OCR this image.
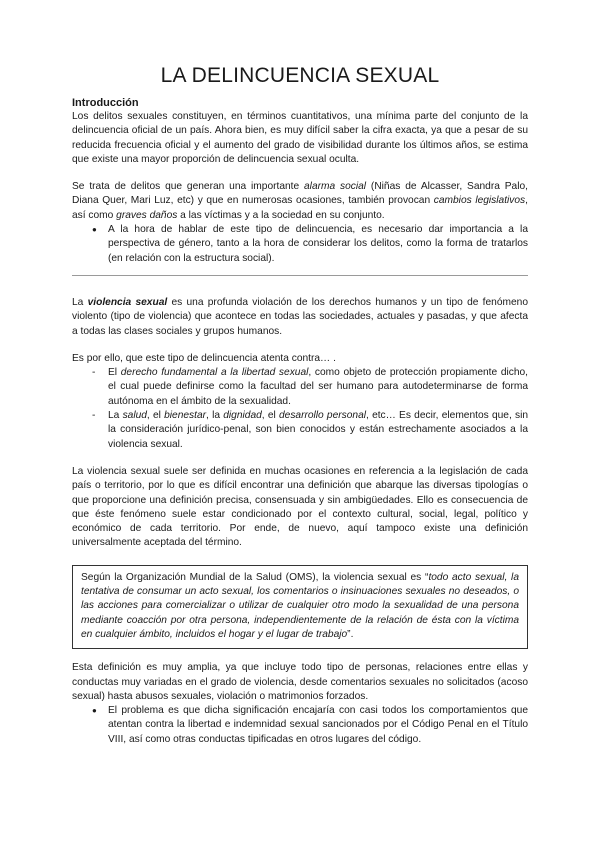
LA DELINCUENCIA SEXUAL

Introducción

Los delitos sexuales constituyen, en términos cuantitativos, una mínima parte del conjunto de la delincuencia oficial de un país. Ahora bien, es muy difícil saber la cifra exacta, ya que a pesar de su reducida frecuencia oficial y el aumento del grado de visibilidad durante los últimos años, se estima que existe una mayor proporción de delincuencia sexual oculta.

Se trata de delitos que generan una importante alarma social (Niñas de Alcasser, Sandra Palo, Diana Quer, Mari Luz, etc) y que en numerosas ocasiones, también provocan cambios legislativos, así como graves daños a las víctimas y a la sociedad en su conjunto.

● A la hora de hablar de este tipo de delincuencia, es necesario dar importancia a la perspectiva de género, tanto a la hora de considerar los delitos, como la forma de tratarlos (en relación con la estructura social).

La violencia sexual es una profunda violación de los derechos humanos y un tipo de fenómeno violento (tipo de violencia) que acontece en todas las sociedades, actuales y pasadas, y que afecta a todas las clases sociales y grupos humanos.

Es por ello, que este tipo de delincuencia atenta contra… .

- El derecho fundamental a la libertad sexual, como objeto de protección propiamente dicho, el cual puede definirse como la facultad del ser humano para autodeterminarse de forma autónoma en el ámbito de la sexualidad.
- La salud, el bienestar, la dignidad, el desarrollo personal, etc… Es decir, elementos que, sin la consideración jurídico-penal, son bien conocidos y están estrechamente asociados a la violencia sexual.

La violencia sexual suele ser definida en muchas ocasiones en referencia a la legislación de cada país o territorio, por lo que es difícil encontrar una definición que abarque las diversas tipologías o que proporcione una definición precisa, consensuada y sin ambigüedades. Ello es consecuencia de que éste fenómeno suele estar condicionado por el contexto cultural, social, legal, político y económico de cada territorio. Por ende, de nuevo, aquí tampoco existe una definición universalmente aceptada del término.

Según la Organización Mundial de la Salud (OMS), la violencia sexual es “todo acto sexual, la tentativa de consumar un acto sexual, los comentarios o insinuaciones sexuales no deseados, o las acciones para comercializar o utilizar de cualquier otro modo la sexualidad de una persona mediante coacción por otra persona, independientemente de la relación de ésta con la víctima en cualquier ámbito, incluidos el hogar y el lugar de trabajo”.

Esta definición es muy amplia, ya que incluye todo tipo de personas, relaciones entre ellas y conductas muy variadas en el grado de violencia, desde comentarios sexuales no solicitados (acoso sexual) hasta abusos sexuales, violación o matrimonios forzados.

● El problema es que dicha significación encajaría con casi todos los comportamientos que atentan contra la libertad e indemnidad sexual sancionados por el Código Penal en el Título VIII, así como otras conductas tipificadas en otros lugares del código.
